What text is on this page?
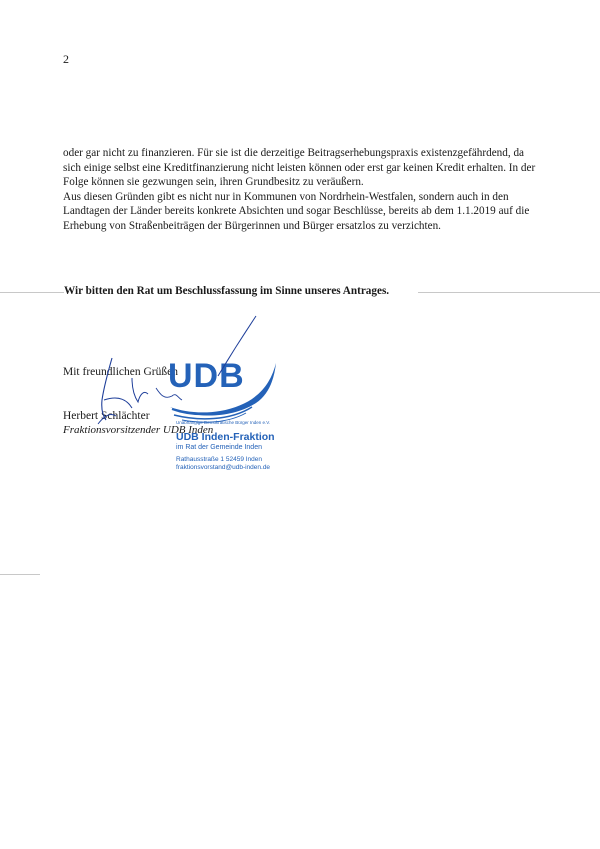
2

oder gar nicht zu finanzieren. Für sie ist die derzeitige Beitragserhebungspraxis existenzgefährdend, da sich einige selbst eine Kreditfinanzierung nicht leisten können oder erst gar keinen Kredit erhalten. In der Folge können sie gezwungen sein, ihren Grundbesitz zu veräußern.

Aus diesen Gründen gibt es nicht nur in Kommunen von Nordrhein-Westfalen, sondern auch in den Landtagen der Länder bereits konkrete Absichten und sogar Beschlüsse, bereits ab dem 1.1.2019 auf die Erhebung von Straßenbeiträgen der Bürgerinnen und Bürger ersatzlos zu verzichten.

Wir bitten den Rat um Beschlussfassung im Sinne unseres Antrages.
Mit freundlichen Grüßen
Herbert Schlächter
Fraktionsvorsitzender UDB Inden
UDB
Unabhängige Demokratische Bürger Inden e.V.
UDB Inden-Fraktion
im Rat der Gemeinde Inden
Rathausstraße 1 52459 Inden
fraktionsvorstand@udb-inden.de
